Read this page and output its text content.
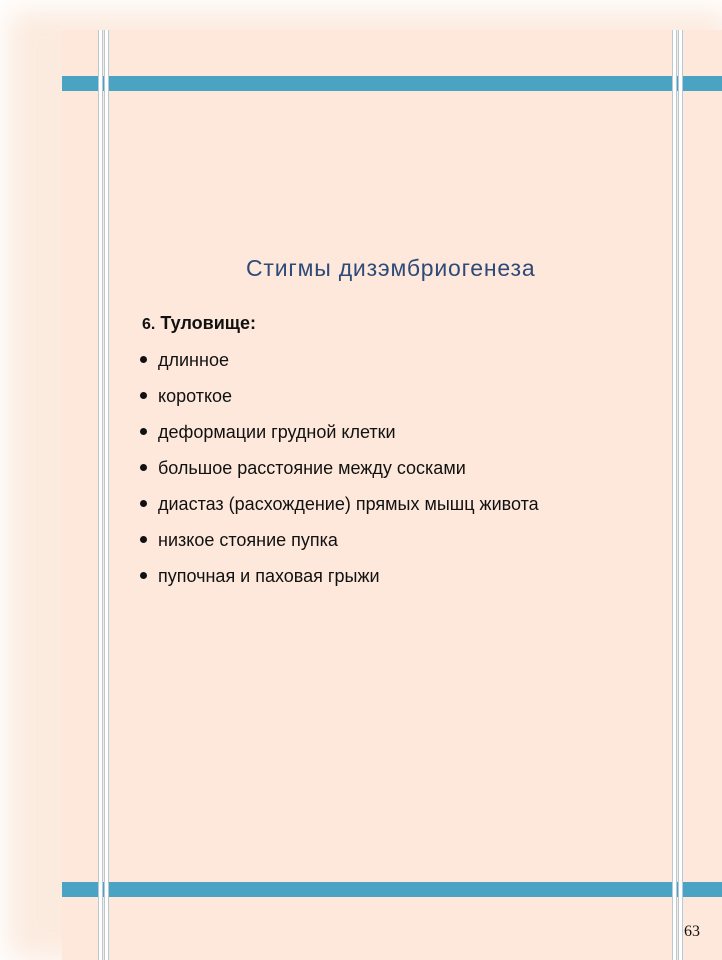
Стигмы дизэмбриогенеза
6. Туловище:
длинное
короткое
деформации грудной клетки
большое расстояние между сосками
диастаз (расхождение) прямых мышц живота
низкое стояние пупка
пупочная и паховая грыжи
63
